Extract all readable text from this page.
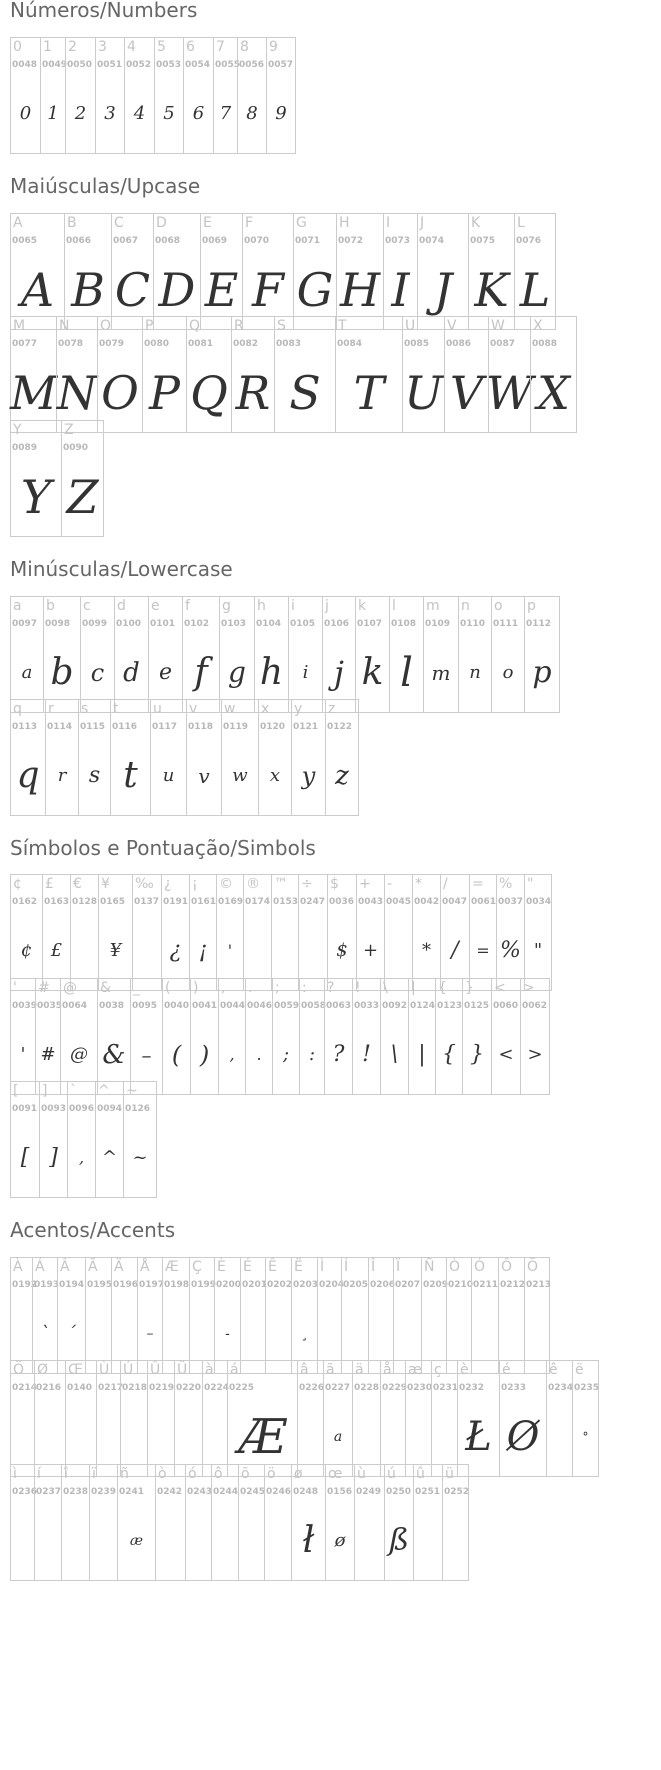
Números/Numbers
0
0048
0
1
0049
1
2
0050
2
3
0051
3
4
0052
4
5
0053
5
6
0054
6
7
0055
7
8
0056
8
9
0057
9
Maiúsculas/Upcase
A
0065
A
B
0066
B
C
0067
C
D
0068
D
E
0069
E
F
0070
F
G
0071
G
H
0072
H
I
0073
I
J
0074
J
K
0075
K
L
0076
L
M
0077
M
N
0078
N
O
0079
O
P
0080
P
Q
0081
Q
R
0082
R
S
0083
S
T
0084
T
U
0085
U
V
0086
V
W
0087
W
X
0088
X
Y
0089
Y
Z
0090
Z
Minúsculas/Lowercase
a
0097
a
b
0098
b
c
0099
c
d
0100
d
e
0101
e
f
0102
f
g
0103
g
h
0104
h
i
0105
i
j
0106
j
k
0107
k
l
0108
l
m
0109
m
n
0110
n
o
0111
o
p
0112
p
q
0113
q
r
0114
r
s
0115
s
t
0116
t
u
0117
u
v
0118
v
w
0119
w
x
0120
x
y
0121
y
z
0122
z
Símbolos e Pontuação/Simbols
¢
0162
¢
£
0163
£
€
0128
¥
0165
¥
‰
0137
¿
0191
¿
¡
0161
¡
©
0169
'
®
0174
™
0153
÷
0247
$
0036
$
+
0043
+
-
0045
*
0042
*
/
0047
/
=
0061
=
%
0037
%
"
0034
"
'
0039
'
#
0035
#
@
0064
@
&
0038
&
_
0095
–
(
0040
(
)
0041
)
,
0044
,
.
0046
.
;
0059
;
:
0058
:
?
0063
?
!
0033
!
\
0092
\
|
0124
|
{
0123
{
}
0125
}
<
0060
<
>
0062
>
[
0091
[
]
0093
]
`
0096
,
^
0094
^
~
0126
~
Acentos/Accents
À
0192
Á
0193
`
Â
0194
´
Ã
0195
Ä
0196
Å
0197
–
Æ
0198
Ç
0199
È
0200
-
É
0201
Ê
0202
Ë
0203
¸
Ì
0204
Í
0205
Î
0206
Ï
0207
Ñ
0209
Ò
0210
Ó
0211
Ô
0212
Õ
0213
Ö
0214
Ø
0216
Œ
0140
Ù
0217
Ú
0218
Û
0219
Ü
0220
à
0224
á
0225
Æ
â
0226
ã
0227
a
ä
0228
å
0229
æ
0230
ç
0231
è
0232
Ł
é
0233
Ø
ê
0234
ë
0235
°
ì
0236
í
0237
î
0238
ï
0239
ñ
0241
æ
ò
0242
ó
0243
ô
0244
õ
0245
ö
0246
ø
0248
ł
œ
0156
ø
ù
0249
ú
0250
ß
û
0251
ü
0252
